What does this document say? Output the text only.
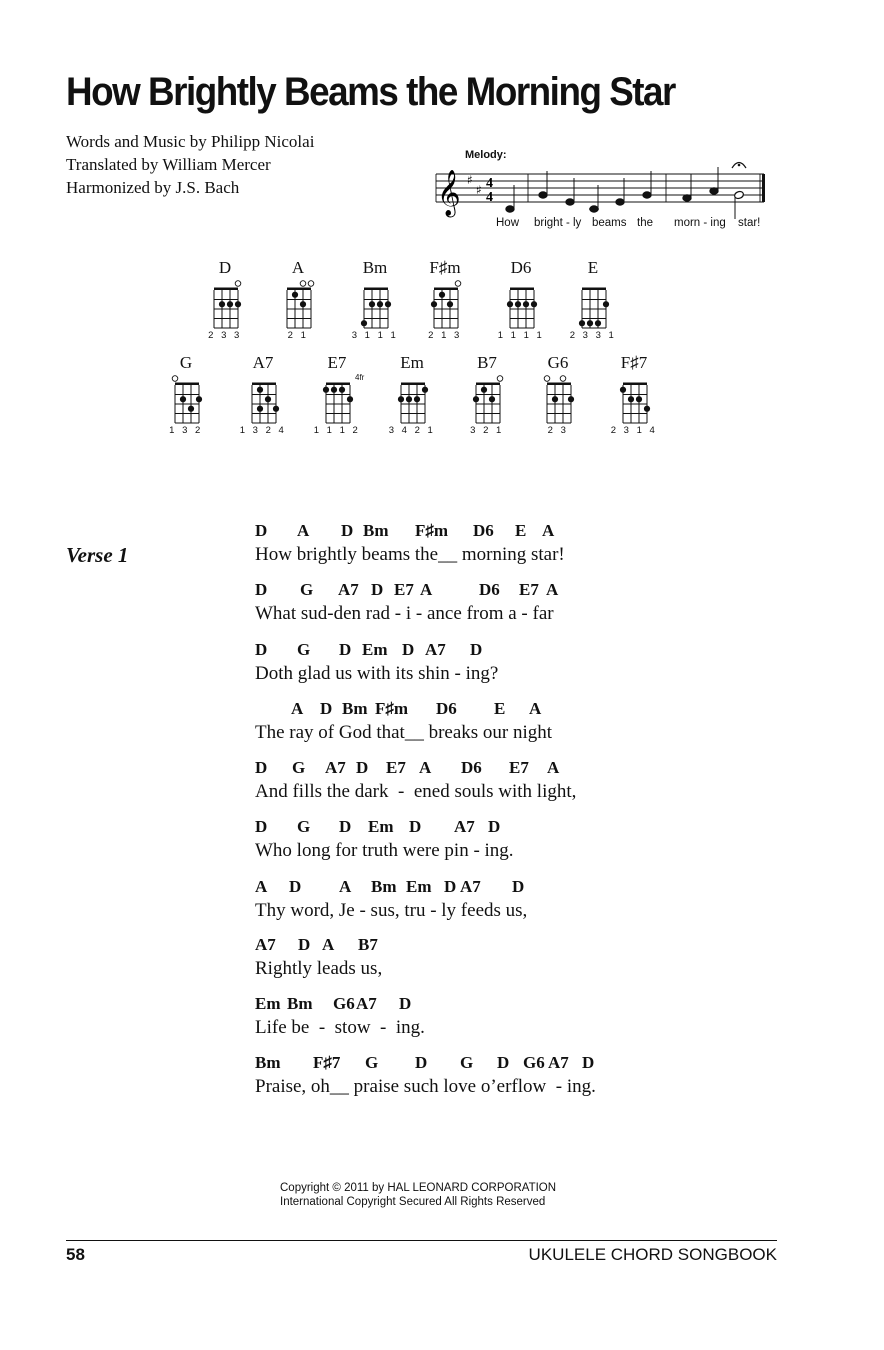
How Brightly Beams the Morning Star
Words and Music by Philipp Nicolai
Translated by William Mercer
Harmonized by J.S. Bach
Melody:
𝄞 ♯
♯ 4
4
How bright - ly beams the morn - ing star!
D
2 3 3
A
2 1
Bm
3 1 1 1
F♯m
2 1 3
D6
1 1 1 1
E
2 3 3 1
G
1 3 2
A7
1 3 2 4
E7
4fr
1 1 1 2
Em
3 4 2 1
B7
3 2 1
G6
2 3
F♯7
2 3 1 4
Verse 1
D A D Bm F♯m D6 E A
How brightly beams the__ morning star!
D G A7 D E7 A	D6 E7 A
What sud-den rad - i - ance from a - far
D G D Em D A7 D
Doth glad us with its shin - ing?
A D Bm F♯m D6 E A
The ray of God that__ breaks our night
D G A7 D E7 A D6 E7 A
And fills the dark  -  ened souls with light,
D G D Em D A7 D
Who long for truth were pin - ing.
A D A Bm Em D A7 D
Thy word, Je - sus, tru - ly feeds us,
A7 D A B7
Rightly leads us,
Em Bm G6 A7 D
Life be  -  stow  -  ing.
Bm F♯7 G D G D G6 A7 D
Praise, oh__ praise such love o’erflow  - ing.
Copyright © 2011 by HAL LEONARD CORPORATION
International Copyright Secured All Rights Reserved
58	UKULELE CHORD SONGBOOK
